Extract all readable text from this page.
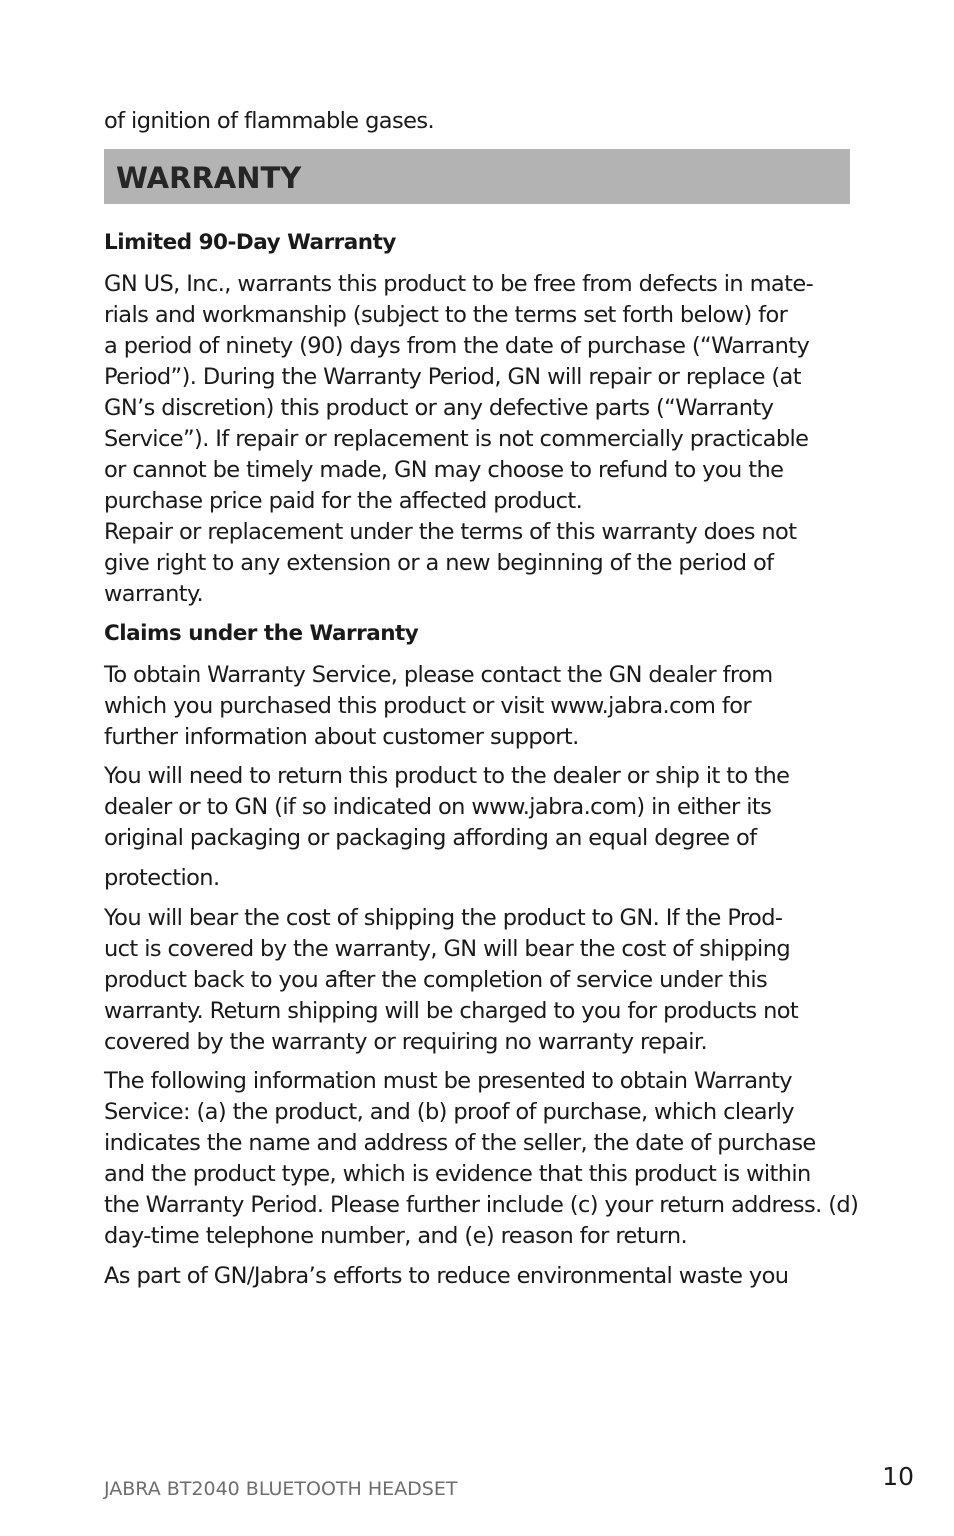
of ignition of flammable gases.
WARRANTY
Limited 90-Day Warranty
GN US, Inc., warrants this product to be free from defects in mate-
rials and workmanship (subject to the terms set forth below) for
a period of ninety (90) days from the date of purchase (“Warranty
Period”). During the Warranty Period, GN will repair or replace (at
GN’s discretion) this product or any defective parts (“Warranty
Service”). If repair or replacement is not commercially practicable
or cannot be timely made, GN may choose to refund to you the
purchase price paid for the affected product.
Repair or replacement under the terms of this warranty does not
give right to any extension or a new beginning of the period of
warranty.
Claims under the Warranty
To obtain Warranty Service, please contact the GN dealer from
which you purchased this product or visit www.jabra.com for
further information about customer support.
You will need to return this product to the dealer or ship it to the
dealer or to GN (if so indicated on www.jabra.com) in either its
original packaging or packaging affording an equal degree of
protection.
You will bear the cost of shipping the product to GN. If the Prod-
uct is covered by the warranty, GN will bear the cost of shipping
product back to you after the completion of service under this
warranty. Return shipping will be charged to you for products not
covered by the warranty or requiring no warranty repair.
The following information must be presented to obtain Warranty
Service: (a) the product, and (b) proof of purchase, which clearly
indicates the name and address of the seller, the date of purchase
and the product type, which is evidence that this product is within
the Warranty Period. Please further include (c) your return address. (d)
day-time telephone number, and (e) reason for return.
As part of GN/Jabra’s efforts to reduce environmental waste you
JABRA BT2040 BLUETOOTH HEADSET	10
